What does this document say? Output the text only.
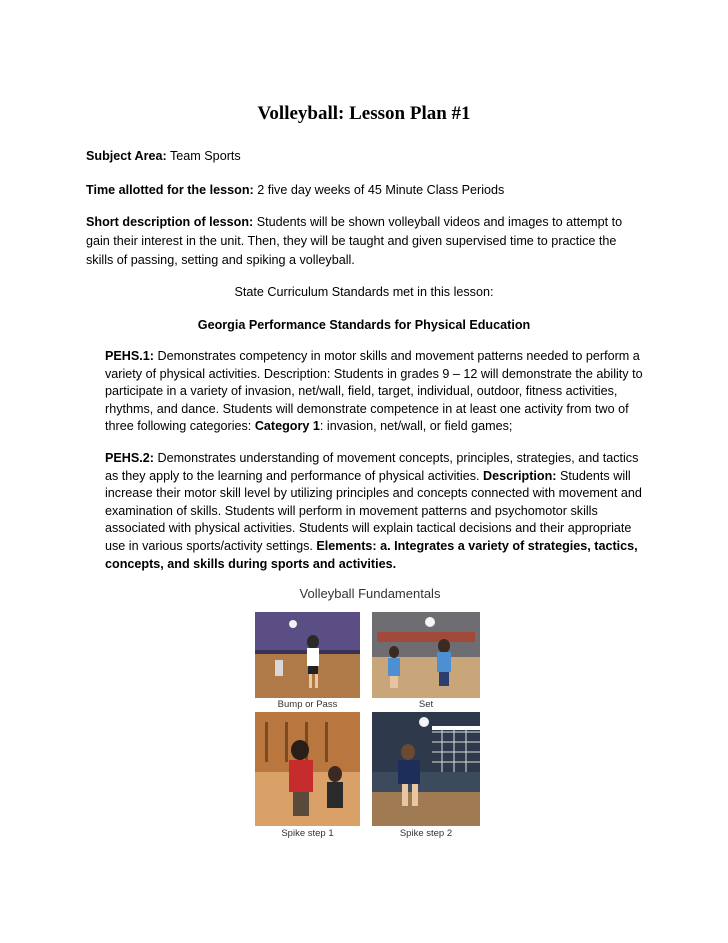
Volleyball: Lesson Plan #1
Subject Area: Team Sports
Time allotted for the lesson: 2 five day weeks of 45 Minute Class Periods
Short description of lesson: Students will be shown volleyball videos and images to attempt to gain their interest in the unit. Then, they will be taught and given supervised time to practice the skills of passing, setting and spiking a volleyball.
State Curriculum Standards met in this lesson:
Georgia Performance Standards for Physical Education
PEHS.1: Demonstrates competency in motor skills and movement patterns needed to perform a variety of physical activities. Description: Students in grades 9 – 12 will demonstrate the ability to participate in a variety of invasion, net/wall, field, target, individual, outdoor, fitness activities, rhythms, and dance. Students will demonstrate competence in at least one activity from two of three following categories: Category 1: invasion, net/wall, or field games;
PEHS.2: Demonstrates understanding of movement concepts, principles, strategies, and tactics as they apply to the learning and performance of physical activities. Description: Students will increase their motor skill level by utilizing principles and concepts connected with movement and examination of skills. Students will perform in movement patterns and psychomotor skills associated with physical activities. Students will explain tactical decisions and their appropriate use in various sports/activity settings. Elements: a. Integrates a variety of strategies, tactics, concepts, and skills during sports and activities.
Volleyball Fundamentals
Bump or Pass	Set
Spike step 1	Spike step 2
